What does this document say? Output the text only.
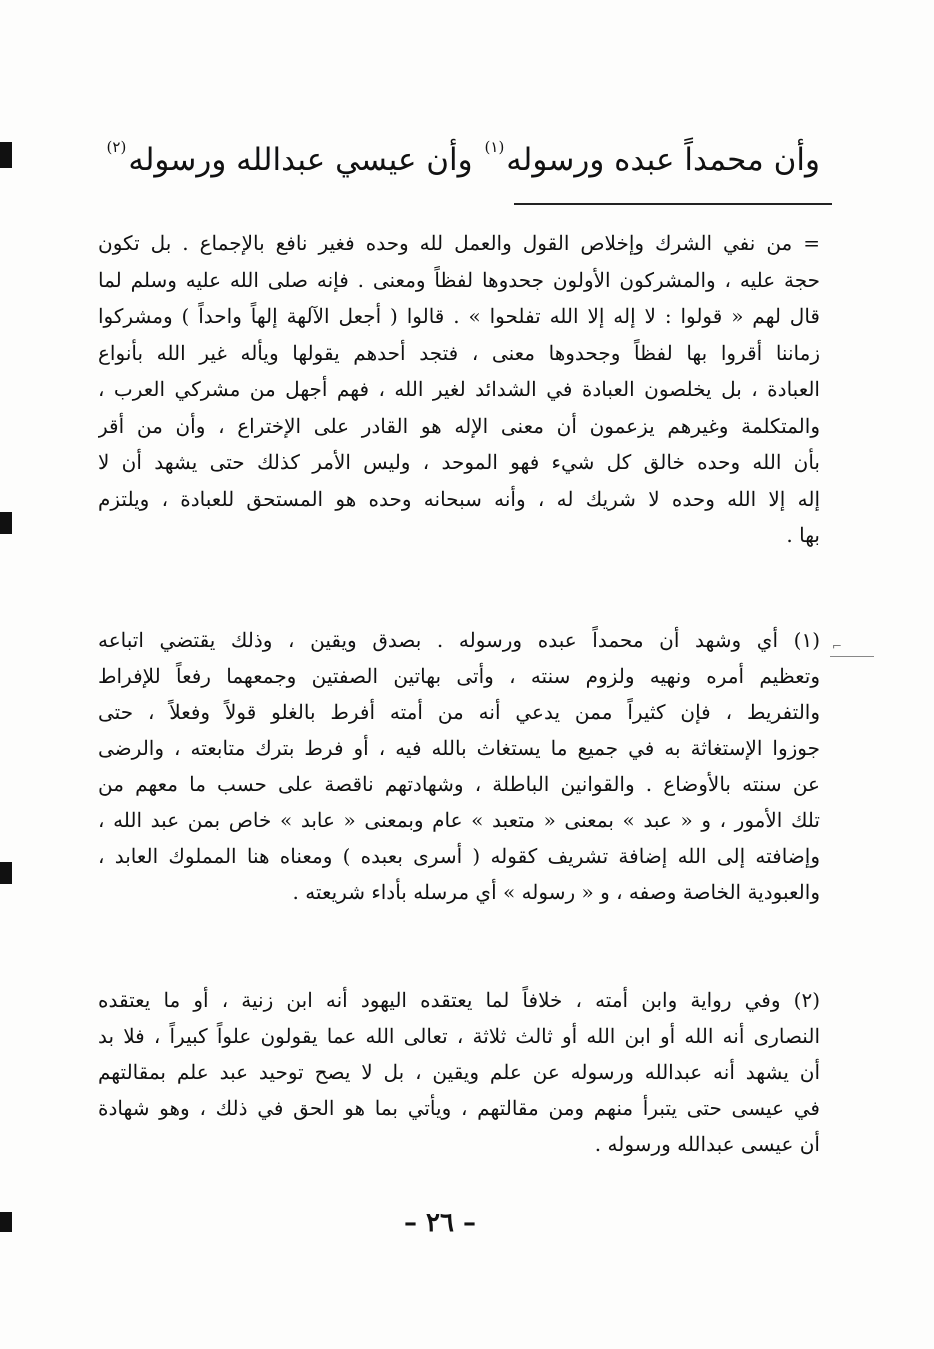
وأن محمداً عبده ورسوله$^{(١)}$ وأن عيسي عبدالله ورسوله$^{(٢)}$
= من نفي الشرك وإخلاص القول والعمل لله وحده فغير نافع بالإجماع . بل تكون
حجة عليه ، والمشركون الأولون جحدوها لفظاً ومعنى . فإنه صلى الله عليه وسلم لما
قال لهم « قولوا : لا إله إلا الله تفلحوا » . قالوا ( أجعل الآلهة إلهاً واحداً ) ومشركوا
زماننا أقروا بها لفظاً وجحدوها معنى ، فتجد أحدهم يقولها ويأله غير الله بأنواع
العبادة ، بل يخلصون العبادة في الشدائد لغير الله ، فهم أجهل من مشركي العرب ،
والمتكلمة وغيرهم يزعمون أن معنى الإله هو القادر على الإختراع ، وأن من أقر
بأن الله وحده خالق كل شيء فهو الموحد ، وليس الأمر كذلك حتى يشهد أن لا
إله إلا الله وحده لا شريك له ، وأنه سبحانه وحده هو المستحق للعبادة ، ويلتزم
بها .
⌐
(١) أي وشهد أن محمداً عبده ورسوله . بصدق ويقين ، وذلك يقتضي اتباعه
وتعظيم أمره ونهيه ولزوم سنته ، وأتى بهاتين الصفتين وجمعهما رفعاً للإفراط
والتفريط ، فإن كثيراً ممن يدعي أنه من أمته أفرط بالغلو قولاً وفعلاً ، حتى
جوزوا الإستغاثة به في جميع ما يستغاث بالله فيه ، أو فرط بترك متابعته ، والرضى
عن سنته بالأوضاع . والقوانين الباطلة ، وشهادتهم ناقصة على حسب ما معهم من
تلك الأمور ، و « عبد » بمعنى « متعبد » عام وبمعنى « عابد » خاص بمن عبد الله ،
وإضافته إلى الله إضافة تشريف كقوله ( أسرى بعبده ) ومعناه هنا المملوك العابد ،
والعبودية الخاصة وصفه ، و « رسوله » أي مرسله بأداء شريعته .
(٢) وفي رواية وابن أمته ، خلافاً لما يعتقده اليهود أنه ابن زنية ، أو ما يعتقده
النصارى أنه الله أو ابن الله أو ثالث ثلاثة ، تعالى الله عما يقولون علواً كبيراً ، فلا بد
أن يشهد أنه عبدالله ورسوله عن علم ويقين ، بل لا يصح توحيد عبد علم بمقالتهم
في عيسى حتى يتبرأ منهم ومن مقالتهم ، ويأتي بما هو الحق في ذلك ، وهو شهادة
أن عيسى عبدالله ورسوله .
– ٢٦ –
